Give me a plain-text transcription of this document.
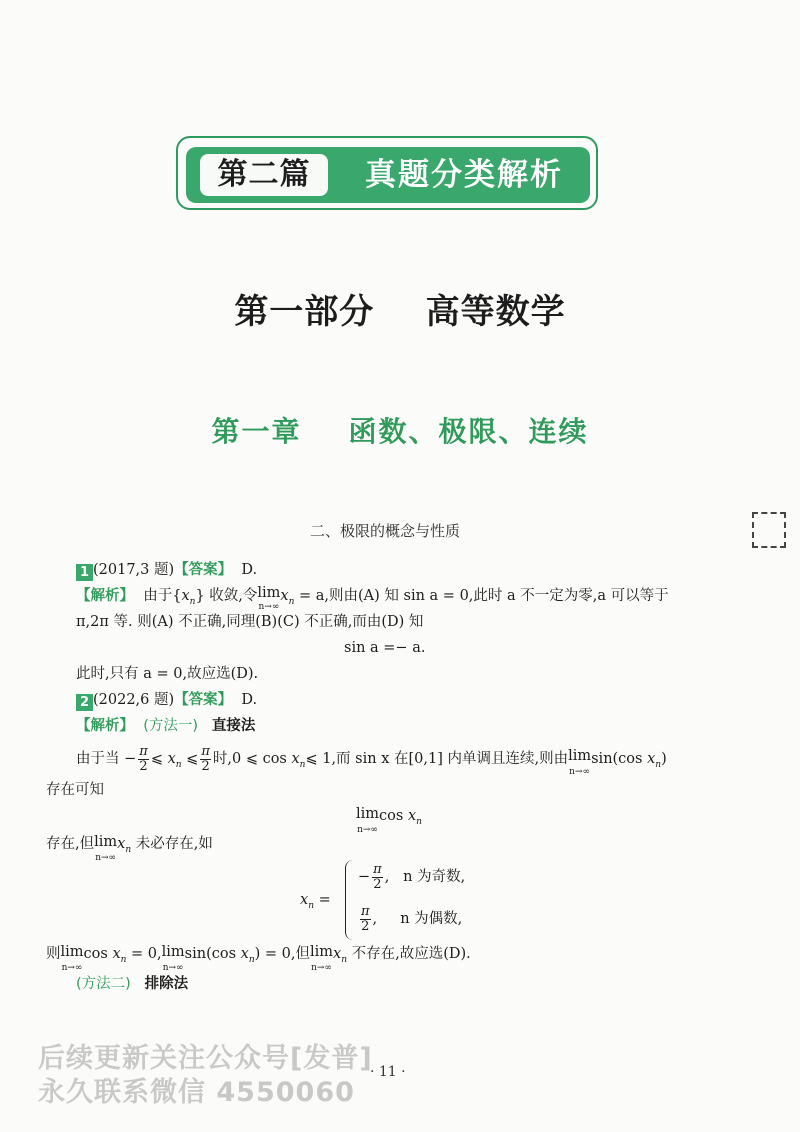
第二篇	真题分类解析
第一部分    高等数学
第一章    函数、极限、连续
二、极限的概念与性质
1 (2017,3 题)【答案】 D.
【解析】 由于$\{x_n\}$ 收敛,令lim
n→∞
$x_n = a$,则由(A) 知 sin a = 0,此时 a 不一定为零,a 可以等于
π,2π 等. 则(A) 不正确,同理(B)(C) 不正确,而由(D) 知
sin a =− a.
此时,只有 a = 0,故应选(D).
2 (2022,6 题)【答案】 D.
【解析】 (方法一) 直接法
由于当 − $\frac{\pi}{2}$ ⩽ $x_n$ ⩽ $\frac{\pi}{2}$ 时,0 ⩽ $\cos x_n⩽$ 1,而 sin x 在[0,1] 内单调且连续,则由lim
n→∞
sin(cos $x_n$)
存在可知
lim
n→∞
$\cos x_n$
存在,但lim
n→∞
$x_n$ 未必存在,如
$x_n$ =
− $\frac{\pi}{2}$ , n 为奇数,
$\frac{\pi}{2}$ , n 为偶数,
则lim
n→∞
$\cos x_n = 0,\lim$
n→∞
sin(cos $x_n) = 0$,但lim
n→∞
$x_n$ 不存在,故应选(D).
(方法二) 排除法
后续更新关注公众号[发普]
· 11 ·
永久联系微信 4550060
